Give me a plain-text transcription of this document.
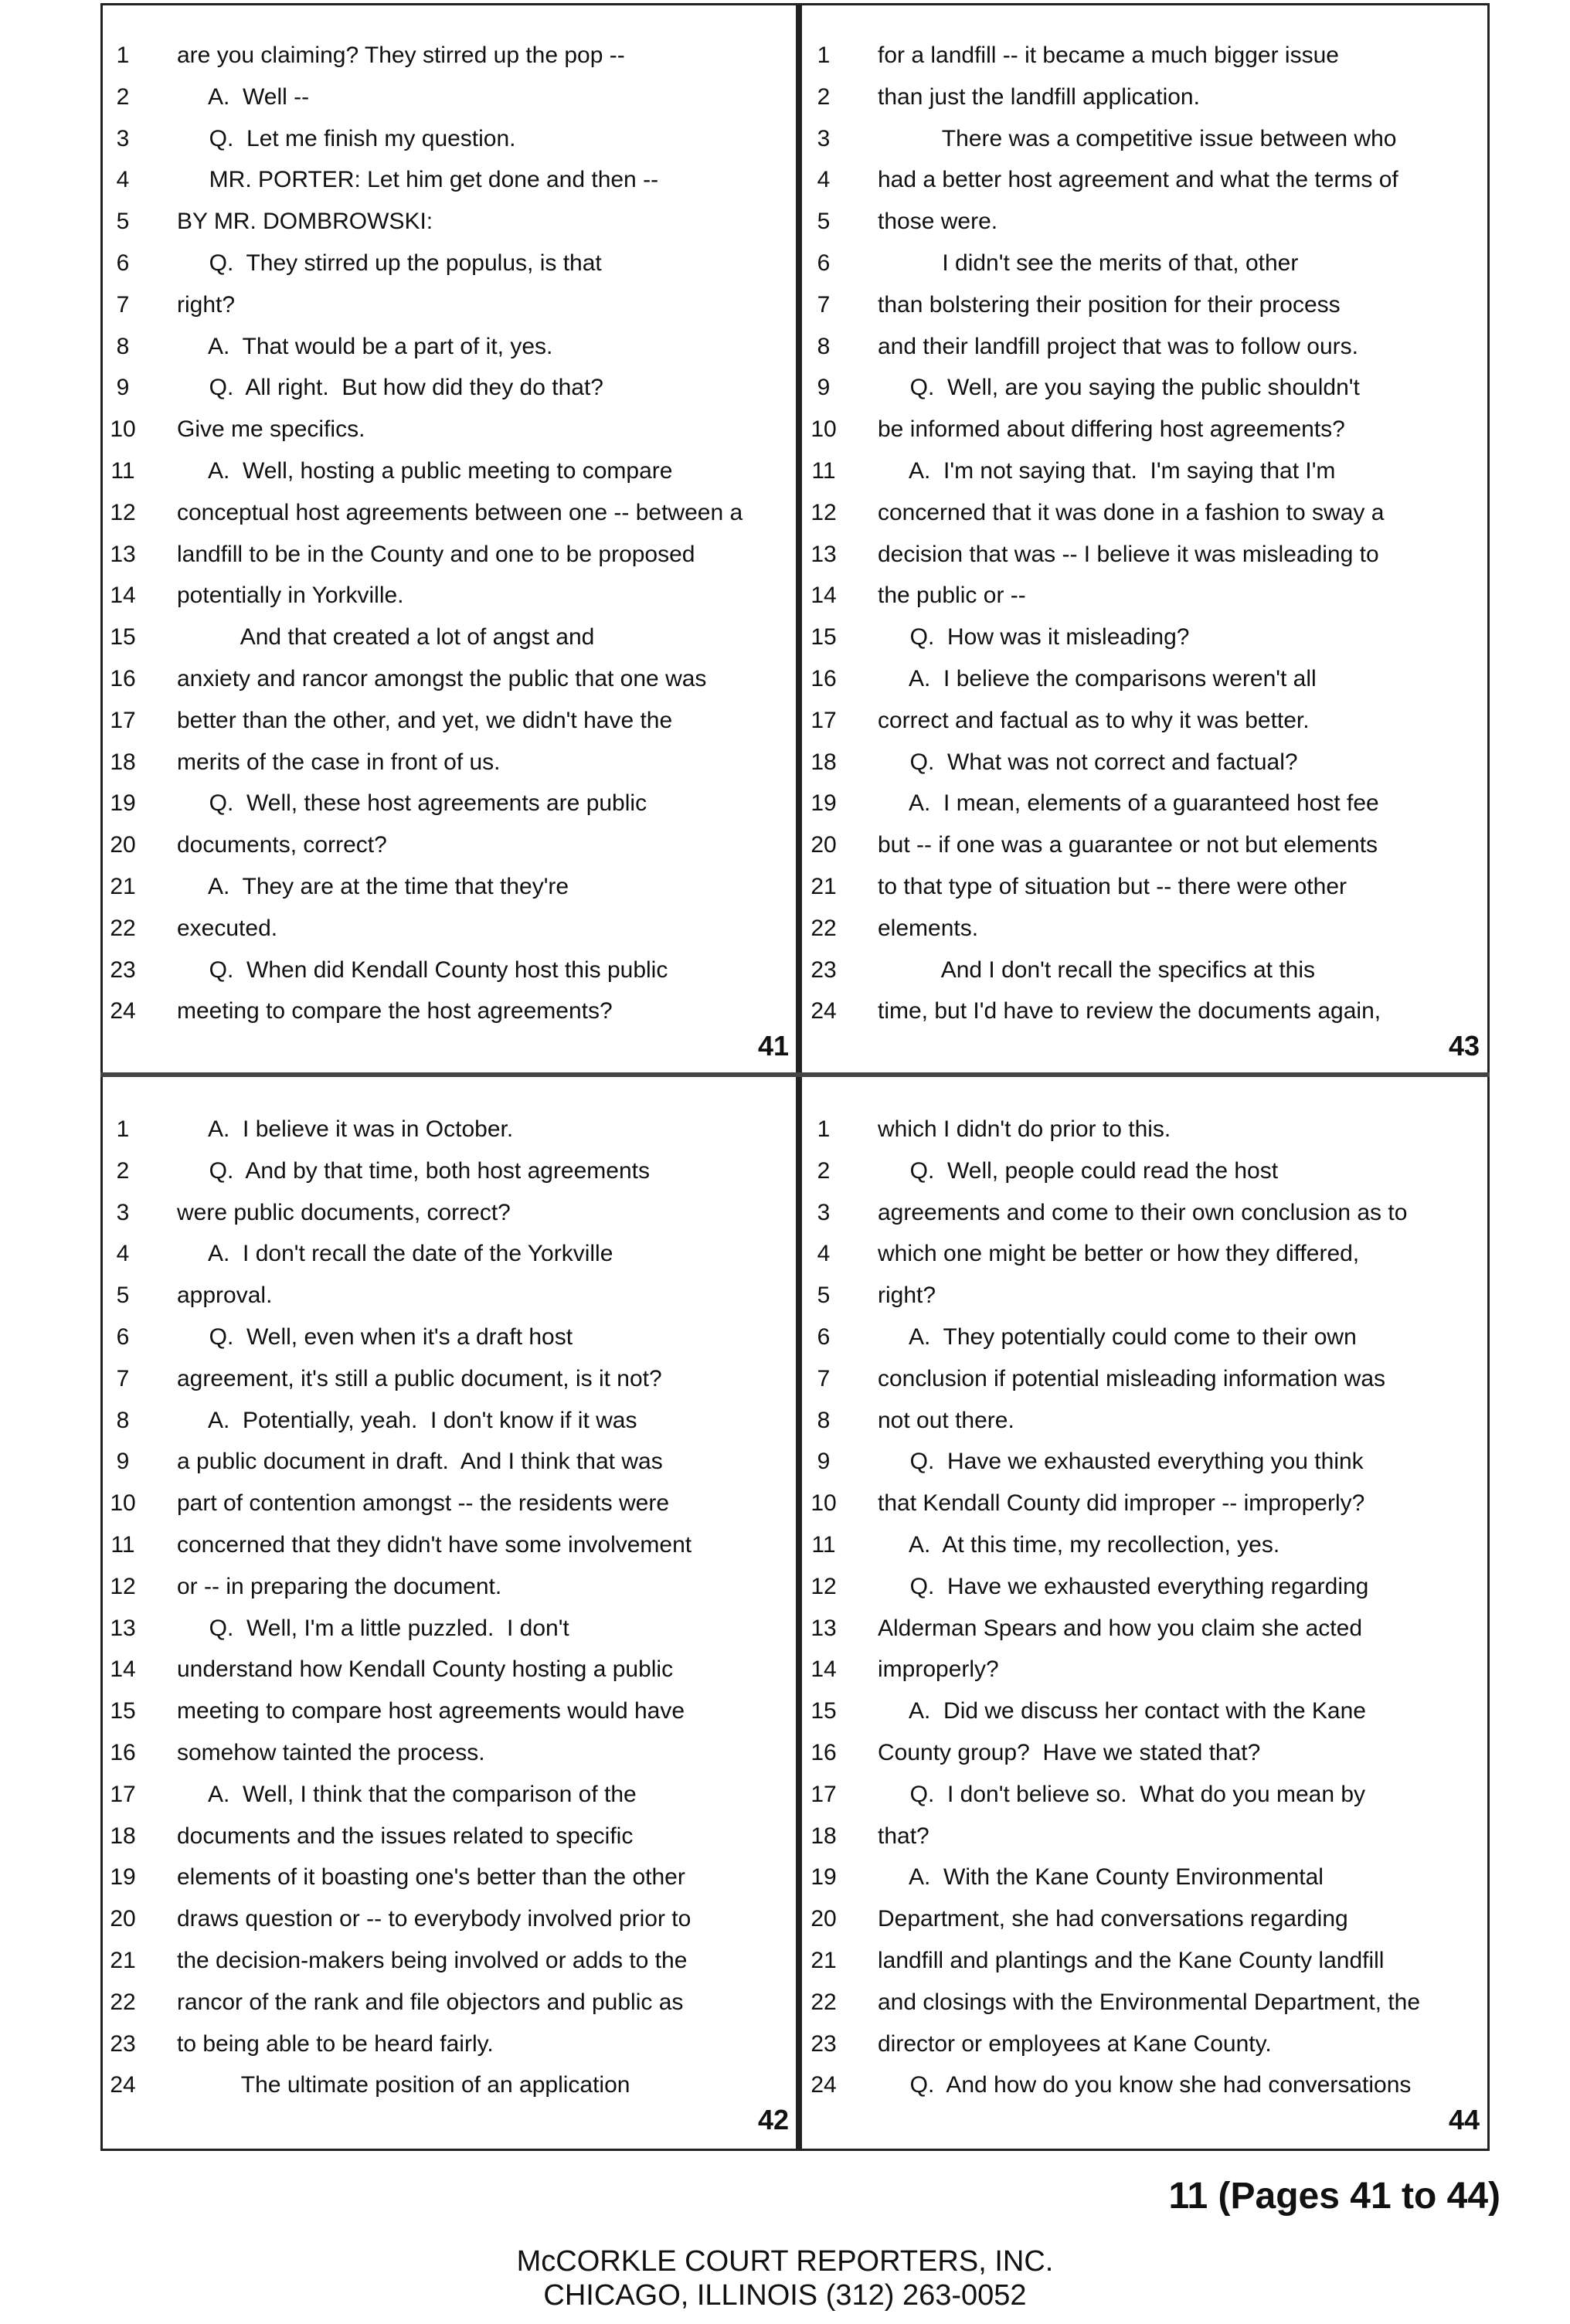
1	are you claiming? They stirred up the pop --
2	A.  Well --
3	Q.  Let me finish my question.
4	MR. PORTER: Let him get done and then --
5	BY MR. DOMBROWSKI:
6	Q.  They stirred up the populus, is that
7	right?
8	A.  That would be a part of it, yes.
9	Q.  All right.  But how did they do that?
10	Give me specifics.
11	A.  Well, hosting a public meeting to compare
12	conceptual host agreements between one -- between a
13	landfill to be in the County and one to be proposed
14	potentially in Yorkville.
15	And that created a lot of angst and
16	anxiety and rancor amongst the public that one was
17	better than the other, and yet, we didn't have the
18	merits of the case in front of us.
19	Q.  Well, these host agreements are public
20	documents, correct?
21	A.  They are at the time that they're
22	executed.
23	Q.  When did Kendall County host this public
24	meeting to compare the host agreements?
41
1	for a landfill -- it became a much bigger issue
2	than just the landfill application.
3	There was a competitive issue between who
4	had a better host agreement and what the terms of
5	those were.
6	I didn't see the merits of that, other
7	than bolstering their position for their process
8	and their landfill project that was to follow ours.
9	Q.  Well, are you saying the public shouldn't
10	be informed about differing host agreements?
11	A.  I'm not saying that.  I'm saying that I'm
12	concerned that it was done in a fashion to sway a
13	decision that was -- I believe it was misleading to
14	the public or --
15	Q.  How was it misleading?
16	A.  I believe the comparisons weren't all
17	correct and factual as to why it was better.
18	Q.  What was not correct and factual?
19	A.  I mean, elements of a guaranteed host fee
20	but -- if one was a guarantee or not but elements
21	to that type of situation but -- there were other
22	elements.
23	And I don't recall the specifics at this
24	time, but I'd have to review the documents again,
43
1	A.  I believe it was in October.
2	Q.  And by that time, both host agreements
3	were public documents, correct?
4	A.  I don't recall the date of the Yorkville
5	approval.
6	Q.  Well, even when it's a draft host
7	agreement, it's still a public document, is it not?
8	A.  Potentially, yeah.  I don't know if it was
9	a public document in draft.  And I think that was
10	part of contention amongst -- the residents were
11	concerned that they didn't have some involvement
12	or -- in preparing the document.
13	Q.  Well, I'm a little puzzled.  I don't
14	understand how Kendall County hosting a public
15	meeting to compare host agreements would have
16	somehow tainted the process.
17	A.  Well, I think that the comparison of the
18	documents and the issues related to specific
19	elements of it boasting one's better than the other
20	draws question or -- to everybody involved prior to
21	the decision-makers being involved or adds to the
22	rancor of the rank and file objectors and public as
23	to being able to be heard fairly.
24	The ultimate position of an application
42
1	which I didn't do prior to this.
2	Q.  Well, people could read the host
3	agreements and come to their own conclusion as to
4	which one might be better or how they differed,
5	right?
6	A.  They potentially could come to their own
7	conclusion if potential misleading information was
8	not out there.
9	Q.  Have we exhausted everything you think
10	that Kendall County did improper -- improperly?
11	A.  At this time, my recollection, yes.
12	Q.  Have we exhausted everything regarding
13	Alderman Spears and how you claim she acted
14	improperly?
15	A.  Did we discuss her contact with the Kane
16	County group?  Have we stated that?
17	Q.  I don't believe so.  What do you mean by
18	that?
19	A.  With the Kane County Environmental
20	Department, she had conversations regarding
21	landfill and plantings and the Kane County landfill
22	and closings with the Environmental Department, the
23	director or employees at Kane County.
24	Q.  And how do you know she had conversations
44
11 (Pages 41 to 44)
McCORKLE COURT REPORTERS, INC.
CHICAGO, ILLINOIS (312) 263-0052
